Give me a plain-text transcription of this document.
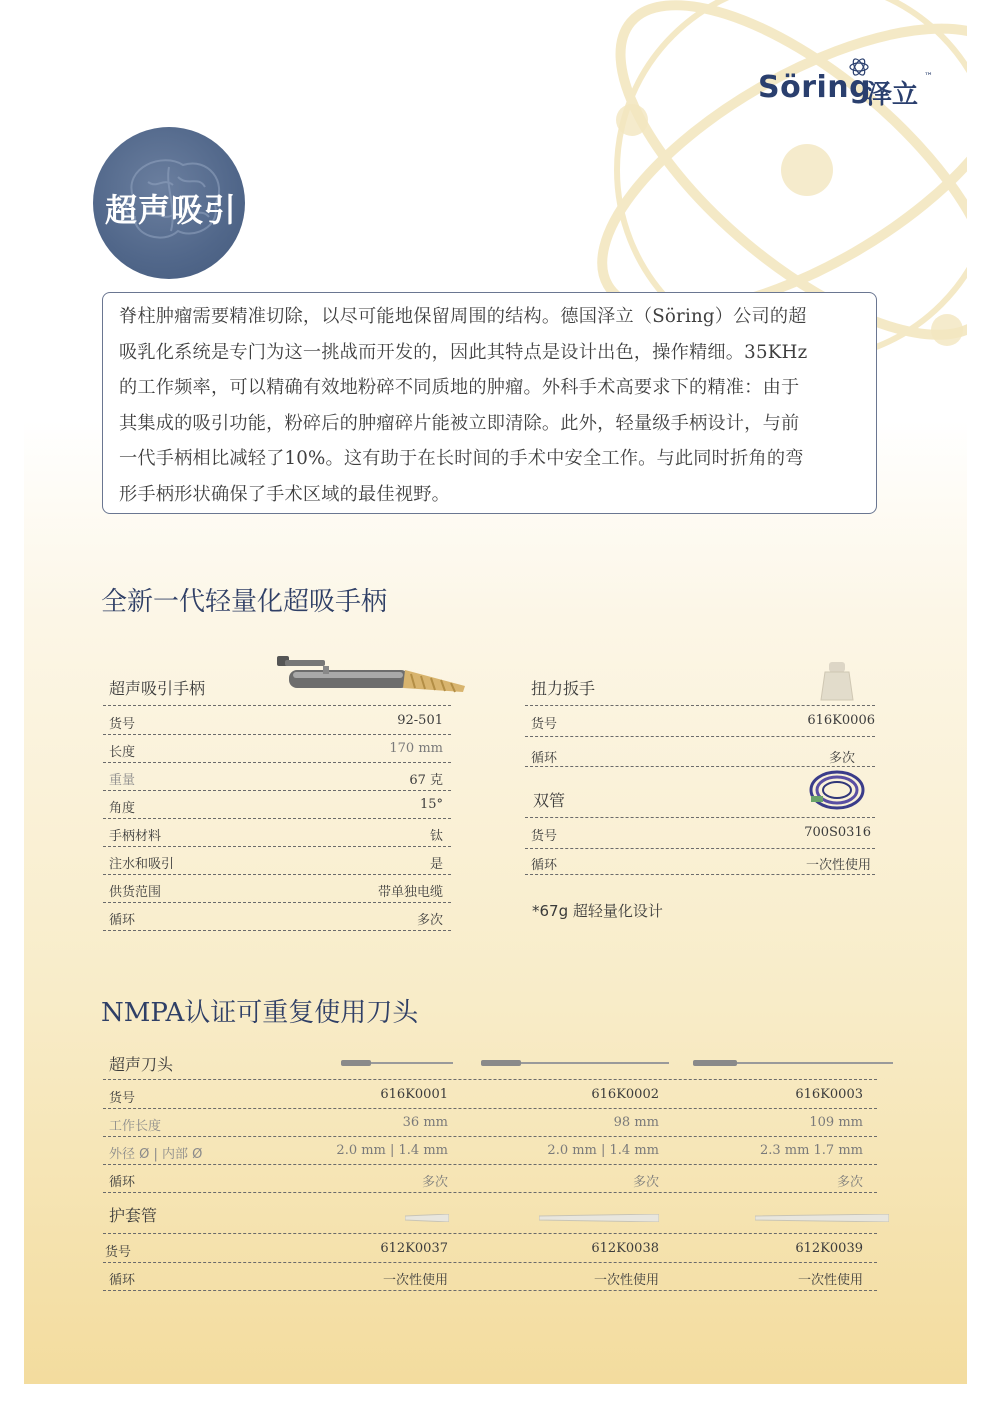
Söring
泽立
™
超声吸引
脊柱肿瘤需要精准切除，以尽可能地保留周围的结构。德国泽立（Söring）公司的超
吸乳化系统是专门为这一挑战而开发的，因此其特点是设计出色，操作精细。35KHz
的工作频率，可以精确有效地粉碎不同质地的肿瘤。外科手术高要求下的精准：由于
其集成的吸引功能，粉碎后的肿瘤碎片能被立即清除。此外，轻量级手柄设计，与前
一代手柄相比减轻了10%。这有助于在长时间的手术中安全工作。与此同时折角的弯
形手柄形状确保了手术区域的最佳视野。
全新一代轻量化超吸手柄
超声吸引手柄
货号	92-501
长度	170 mm
重量	67 克
角度	15°
手柄材料	钛
注水和吸引	是
供货范围	带单独电缆
循环	多次
扭力扳手
货号	616K0006
循环	多次
双管
货号	700S0316
循环	一次性使用
*67g 超轻量化设计
NMPA认证可重复使用刀头
超声刀头
货号	616K0001	616K0002	616K0003
工作长度	36 mm	98 mm	109 mm
外径 Ø | 内部 Ø	2.0 mm | 1.4 mm	2.0 mm | 1.4 mm	2.3 mm 1.7 mm
循环	多次	多次	多次
护套管
货号	612K0037	612K0038	612K0039
循环	一次性使用	一次性使用	一次性使用
